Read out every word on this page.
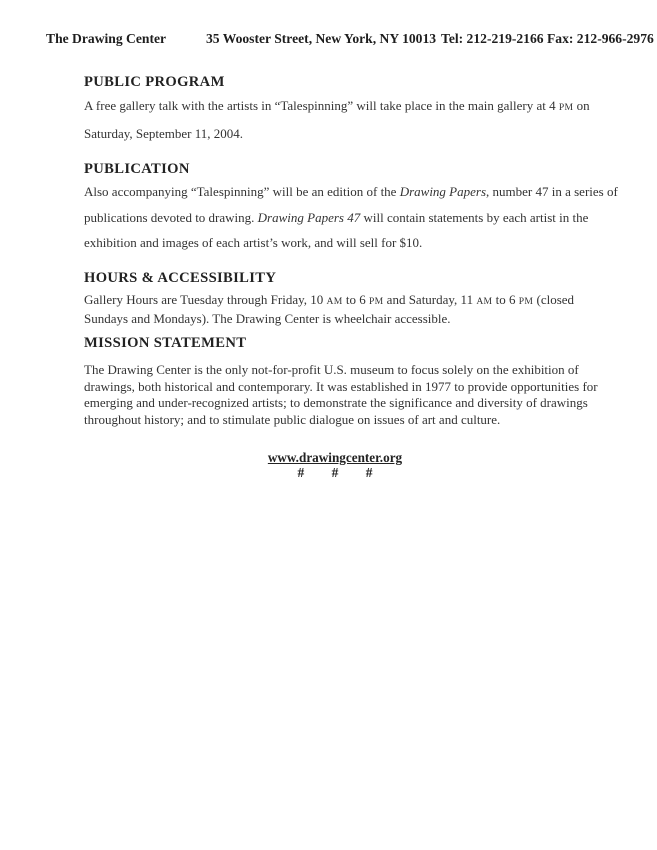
The Drawing Center	35 Wooster Street, New York, NY 10013 Tel: 212-219-2166 Fax: 212-966-2976
PUBLIC PROGRAM

A free gallery talk with the artists in “Talespinning” will take place in the main gallery at 4 PM on
Saturday, September 11, 2004.

PUBLICATION

Also accompanying “Talespinning” will be an edition of the Drawing Papers, number 47 in a series of
publications devoted to drawing. Drawing Papers 47 will contain statements by each artist in the
exhibition and images of each artist’s work, and will sell for $10.

HOURS & ACCESSIBILITY

Gallery Hours are Tuesday through Friday, 10 AM to 6 PM and Saturday, 11 AM to 6 PM (closed
Sundays and Mondays). The Drawing Center is wheelchair accessible.

MISSION STATEMENT

The Drawing Center is the only not-for-profit U.S. museum to focus solely on the exhibition of
drawings, both historical and contemporary. It was established in 1977 to provide opportunities for
emerging and under-recognized artists; to demonstrate the significance and diversity of drawings
throughout history; and to stimulate public dialogue on issues of art and culture.

www.drawingcenter.org
# # #
